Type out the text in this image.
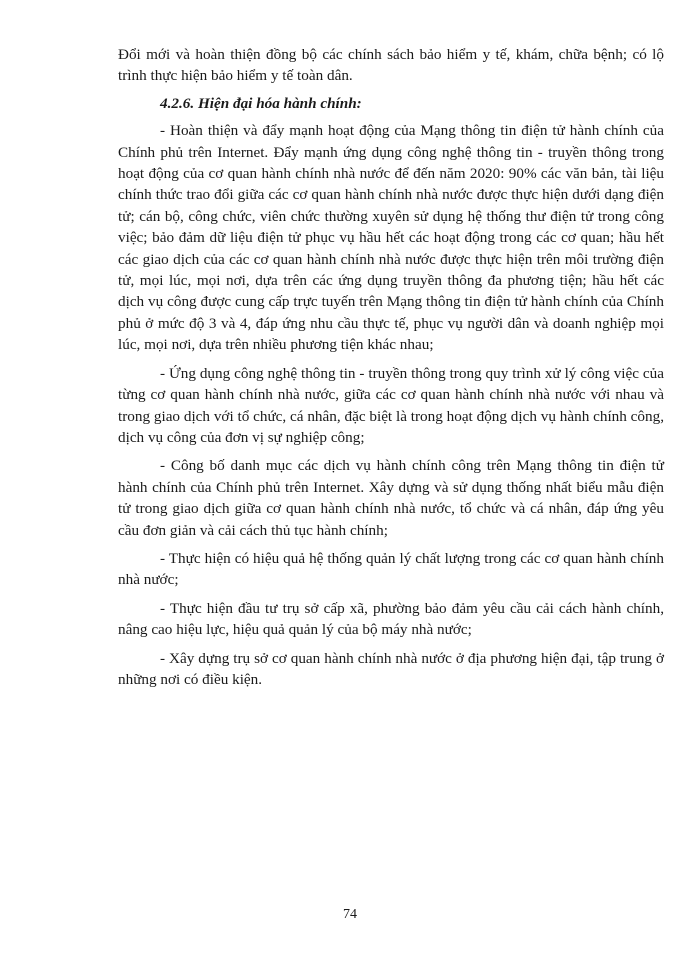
Đổi mới và hoàn thiện đồng bộ các chính sách bảo hiểm y tế, khám, chữa bệnh; có lộ trình thực hiện bảo hiểm y tế toàn dân.

4.2.6. Hiện đại hóa hành chính:

- Hoàn thiện và đẩy mạnh hoạt động của Mạng thông tin điện tử hành chính của Chính phủ trên Internet. Đẩy mạnh ứng dụng công nghệ thông tin - truyền thông trong hoạt động của cơ quan hành chính nhà nước để đến năm 2020: 90% các văn bản, tài liệu chính thức trao đổi giữa các cơ quan hành chính nhà nước được thực hiện dưới dạng điện tử; cán bộ, công chức, viên chức thường xuyên sử dụng hệ thống thư điện tử trong công việc; bảo đảm dữ liệu điện tử phục vụ hầu hết các hoạt động trong các cơ quan; hầu hết các giao dịch của các cơ quan hành chính nhà nước được thực hiện trên môi trường điện tử, mọi lúc, mọi nơi, dựa trên các ứng dụng truyền thông đa phương tiện; hầu hết các dịch vụ công được cung cấp trực tuyến trên Mạng thông tin điện tử hành chính của Chính phủ ở mức độ 3 và 4, đáp ứng nhu cầu thực tế, phục vụ người dân và doanh nghiệp mọi lúc, mọi nơi, dựa trên nhiều phương tiện khác nhau;

- Ứng dụng công nghệ thông tin - truyền thông trong quy trình xử lý công việc của từng cơ quan hành chính nhà nước, giữa các cơ quan hành chính nhà nước với nhau và trong giao dịch với tổ chức, cá nhân, đặc biệt là trong hoạt động dịch vụ hành chính công, dịch vụ công của đơn vị sự nghiệp công;

- Công bố danh mục các dịch vụ hành chính công trên Mạng thông tin điện tử hành chính của Chính phủ trên Internet. Xây dựng và sử dụng thống nhất biểu mẫu điện tử trong giao dịch giữa cơ quan hành chính nhà nước, tổ chức và cá nhân, đáp ứng yêu cầu đơn giản và cải cách thủ tục hành chính;

- Thực hiện có hiệu quả hệ thống quản lý chất lượng trong các cơ quan hành chính nhà nước;

- Thực hiện đầu tư trụ sở cấp xã, phường bảo đảm yêu cầu cải cách hành chính, nâng cao hiệu lực, hiệu quả quản lý của bộ máy nhà nước;

- Xây dựng trụ sở cơ quan hành chính nhà nước ở địa phương hiện đại, tập trung ở những nơi có điều kiện.

74
